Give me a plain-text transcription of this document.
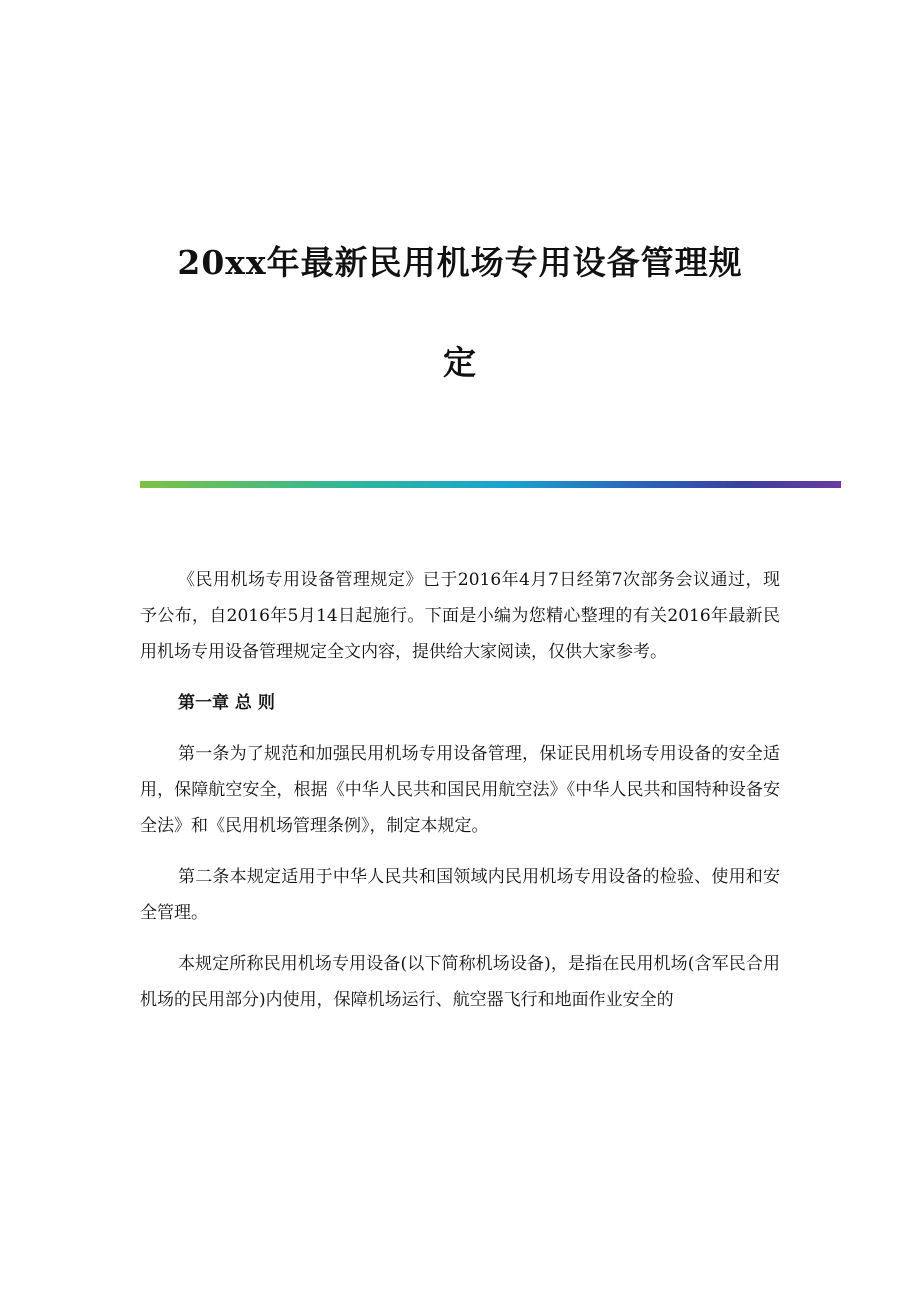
20xx年最新民用机场专用设备管理规
定

《民用机场专用设备管理规定》已于2016年4月7日经第7次部务会议通过，现予公布，自2016年5月14日起施行。下面是小编为您精心整理的有关2016年最新民用机场专用设备管理规定全文内容，提供给大家阅读，仅供大家参考。

第一章 总 则

第一条为了规范和加强民用机场专用设备管理，保证民用机场专用设备的安全适用，保障航空安全，根据《中华人民共和国民用航空法》《中华人民共和国特种设备安全法》和《民用机场管理条例》，制定本规定。

第二条本规定适用于中华人民共和国领域内民用机场专用设备的检验、使用和安全管理。

本规定所称民用机场专用设备(以下简称机场设备)，是指在民用机场(含军民合用机场的民用部分)内使用，保障机场运行、航空器飞行和地面作业安全的
